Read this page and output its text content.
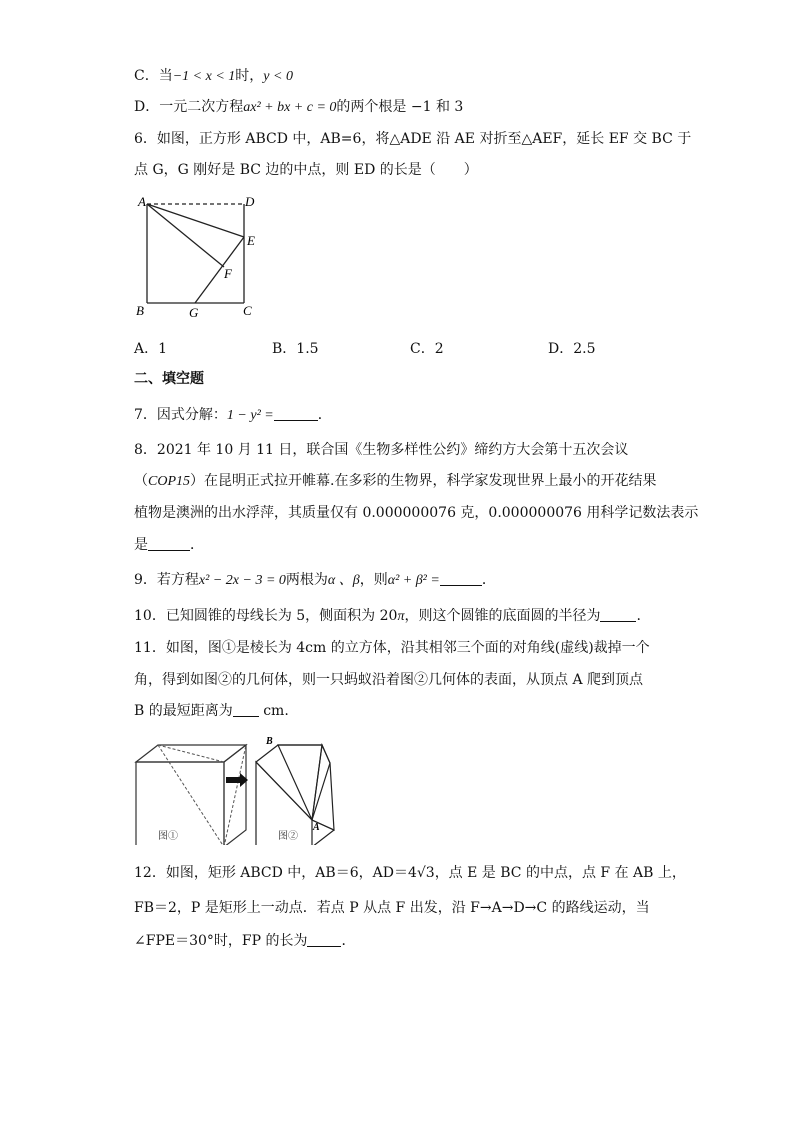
C．当−1 < x < 1时，y < 0
D．一元二次方程ax² + bx + c = 0的两个根是 −1 和 3
6．如图，正方形 ABCD 中，AB=6，将△ADE 沿 AE 对折至△AEF，延长 EF 交 BC 于
点 G，G 刚好是 BC 边的中点，则 ED 的长是（　　）
A	D
E
F
B	G	C
A．1	B．1.5	C．2	D．2.5
二、填空题
7．因式分解：1 − y² =	．
8．2021 年 10 月 11 日，联合国《生物多样性公约》缔约方大会第十五次会议
（COP15）在昆明正式拉开帷幕.在多彩的生物界，科学家发现世界上最小的开花结果
植物是澳洲的出水浮萍，其质量仅有 0.000000076 克，0.000000076 用科学记数法表示
是	．
9．若方程x² − 2x − 3 = 0两根为α 、β，则α² + β² =	．
10．已知圆锥的母线长为 5，侧面积为 20π，则这个圆锥的底面圆的半径为	.
11．如图，图①是棱长为 4cm 的立方体，沿其相邻三个面的对角线(虚线)裁掉一个
角，得到如图②的几何体，则一只蚂蚁沿着图②几何体的表面，从顶点 A 爬到顶点
B 的最短距离为 cm.
图①
B
A
图②
12．如图，矩形 ABCD 中，AB＝6，AD＝4√3，点 E 是 BC 的中点，点 F 在 AB 上，
FB＝2，P 是矩形上一动点．若点 P 从点 F 出发，沿 F→A→D→C 的路线运动，当
∠FPE＝30°时，FP 的长为 ．
